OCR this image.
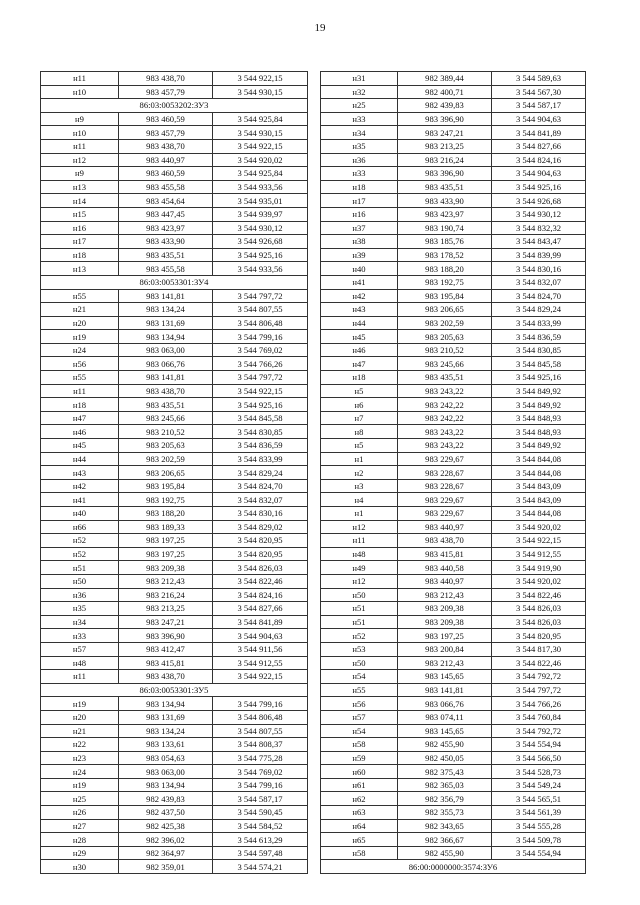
19
н11	983 438,70	3 544 922,15
н10	983 457,79	3 544 930,15
86:03:0053202:ЗУ3		
н9	983 460,59	3 544 925,84
н10	983 457,79	3 544 930,15
н11	983 438,70	3 544 922,15
н12	983 440,97	3 544 920,02
н9	983 460,59	3 544 925,84
н13	983 455,58	3 544 933,56
н14	983 454,64	3 544 935,01
н15	983 447,45	3 544 939,97
н16	983 423,97	3 544 930,12
н17	983 433,90	3 544 926,68
н18	983 435,51	3 544 925,16
н13	983 455,58	3 544 933,56
86:03:0053301:ЗУ4		
н55	983 141,81	3 544 797,72
н21	983 134,24	3 544 807,55
н20	983 131,69	3 544 806,48
н19	983 134,94	3 544 799,16
н24	983 063,00	3 544 769,02
н56	983 066,76	3 544 766,26
н55	983 141,81	3 544 797,72
н11	983 438,70	3 544 922,15
н18	983 435,51	3 544 925,16
н47	983 245,66	3 544 845,58
н46	983 210,52	3 544 830,85
н45	983 205,63	3 544 836,59
н44	983 202,59	3 544 833,99
н43	983 206,65	3 544 829,24
н42	983 195,84	3 544 824,70
н41	983 192,75	3 544 832,07
н40	983 188,20	3 544 830,16
н66	983 189,33	3 544 829,02
н52	983 197,25	3 544 820,95
н52	983 197,25	3 544 820,95
н51	983 209,38	3 544 826,03
н50	983 212,43	3 544 822,46
н36	983 216,24	3 544 824,16
н35	983 213,25	3 544 827,66
н34	983 247,21	3 544 841,89
н33	983 396,90	3 544 904,63
н57	983 412,47	3 544 911,56
н48	983 415,81	3 544 912,55
н11	983 438,70	3 544 922,15
86:03:0053301:ЗУ5		
н19	983 134,94	3 544 799,16
н20	983 131,69	3 544 806,48
н21	983 134,24	3 544 807,55
н22	983 133,61	3 544 808,37
н23	983 054,63	3 544 775,28
н24	983 063,00	3 544 769,02
н19	983 134,94	3 544 799,16
н25	982 439,83	3 544 587,17
н26	982 437,50	3 544 590,45
н27	982 425,38	3 544 584,52
н28	982 396,02	3 544 613,29
н29	982 364,97	3 544 597,48
н30	982 359,01	3 544 574,21
н31	982 389,44	3 544 589,63
н32	982 400,71	3 544 567,30
н25	982 439,83	3 544 587,17
н33	983 396,90	3 544 904,63
н34	983 247,21	3 544 841,89
н35	983 213,25	3 544 827,66
н36	983 216,24	3 544 824,16
н33	983 396,90	3 544 904,63
н18	983 435,51	3 544 925,16
н17	983 433,90	3 544 926,68
н16	983 423,97	3 544 930,12
н37	983 190,74	3 544 832,32
н38	983 185,76	3 544 843,47
н39	983 178,52	3 544 839,99
н40	983 188,20	3 544 830,16
н41	983 192,75	3 544 832,07
н42	983 195,84	3 544 824,70
н43	983 206,65	3 544 829,24
н44	983 202,59	3 544 833,99
н45	983 205,63	3 544 836,59
н46	983 210,52	3 544 830,85
н47	983 245,66	3 544 845,58
н18	983 435,51	3 544 925,16
н5	983 243,22	3 544 849,92
н6	983 242,22	3 544 849,92
н7	983 242,22	3 544 848,93
н8	983 243,22	3 544 848,93
н5	983 243,22	3 544 849,92
н1	983 229,67	3 544 844,08
н2	983 228,67	3 544 844,08
н3	983 228,67	3 544 843,09
н4	983 229,67	3 544 843,09
н1	983 229,67	3 544 844,08
н12	983 440,97	3 544 920,02
н11	983 438,70	3 544 922,15
н48	983 415,81	3 544 912,55
н49	983 440,58	3 544 919,90
н12	983 440,97	3 544 920,02
н50	983 212,43	3 544 822,46
н51	983 209,38	3 544 826,03
н51	983 209,38	3 544 826,03
н52	983 197,25	3 544 820,95
н53	983 200,84	3 544 817,30
н50	983 212,43	3 544 822,46
н54	983 145,65	3 544 792,72
н55	983 141,81	3 544 797,72
н56	983 066,76	3 544 766,26
н57	983 074,11	3 544 760,84
н54	983 145,65	3 544 792,72
н58	982 455,90	3 544 554,94
н59	982 450,05	3 544 566,50
н60	982 375,43	3 544 528,73
н61	982 365,03	3 544 549,24
н62	982 356,79	3 544 565,51
н63	982 355,73	3 544 561,39
н64	982 343,65	3 544 555,28
н65	982 366,67	3 544 509,78
н58	982 455,90	3 544 554,94
86:00:0000000:3574:ЗУ6		
